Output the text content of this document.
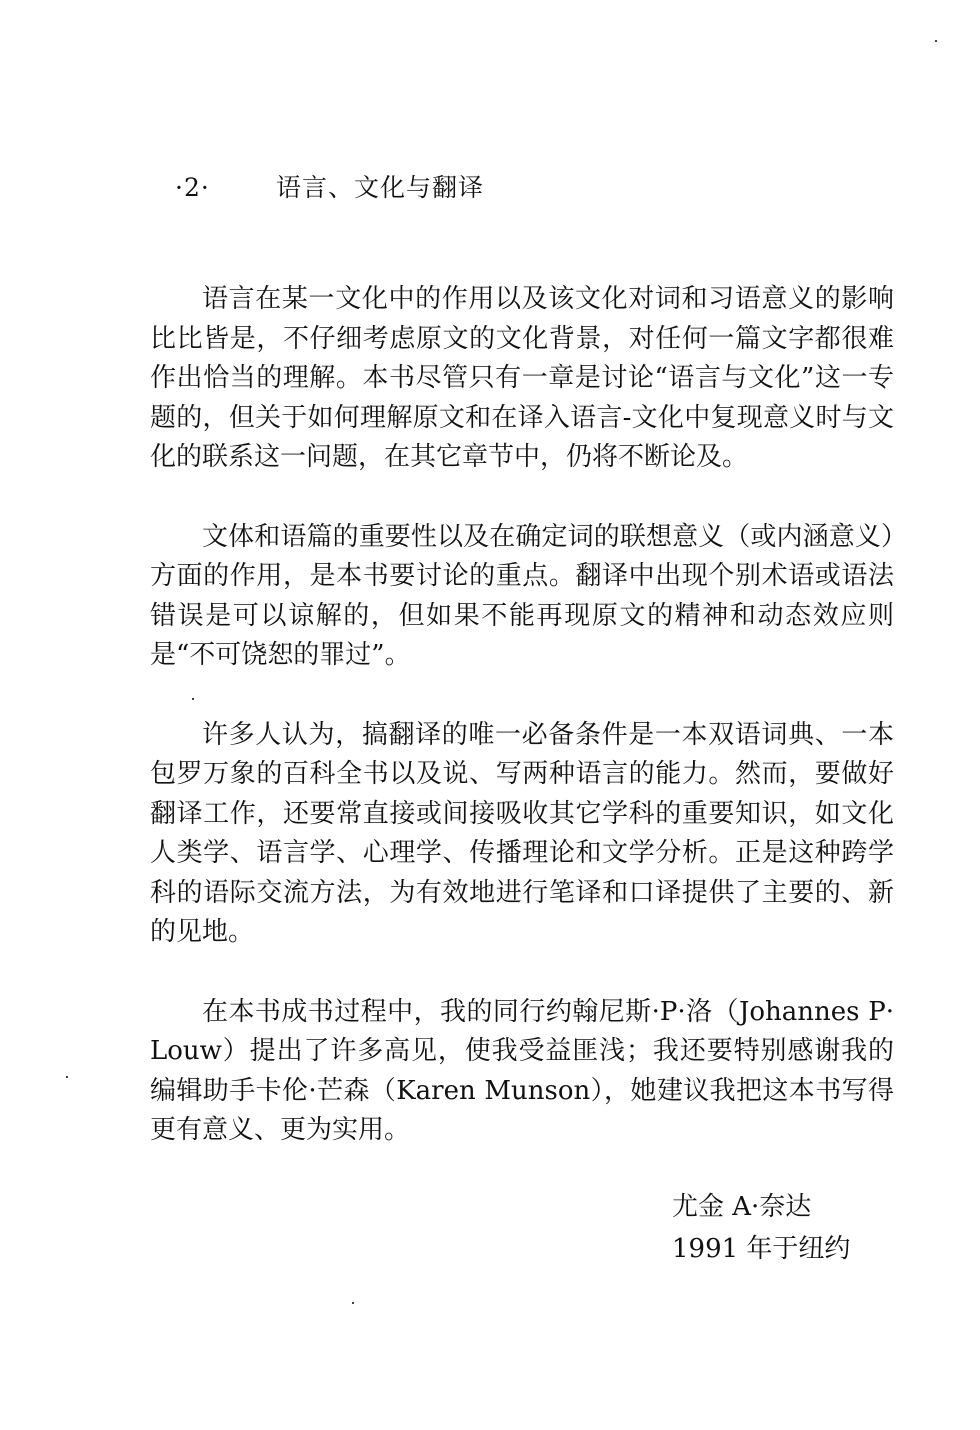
·2·	语言、文化与翻译

语言在某一文化中的作用以及该文化对词和习语意义的影响比比皆是，不仔细考虑原文的文化背景，对任何一篇文字都很难作出恰当的理解。本书尽管只有一章是讨论“语言与文化”这一专题的，但关于如何理解原文和在译入语言-文化中复现意义时与文化的联系这一问题，在其它章节中，仍将不断论及。

文体和语篇的重要性以及在确定词的联想意义（或内涵意义）方面的作用，是本书要讨论的重点。翻译中出现个别术语或语法错误是可以谅解的，但如果不能再现原文的精神和动态效应则是“不可饶恕的罪过”。

许多人认为，搞翻译的唯一必备条件是一本双语词典、一本包罗万象的百科全书以及说、写两种语言的能力。然而，要做好翻译工作，还要常直接或间接吸收其它学科的重要知识，如文化人类学、语言学、心理学、传播理论和文学分析。正是这种跨学科的语际交流方法，为有效地进行笔译和口译提供了主要的、新的见地。

在本书成书过程中，我的同行约翰尼斯·P·洛（Johannes P·Louw）提出了许多高见，使我受益匪浅；我还要特别感谢我的编辑助手卡伦·芒森（Karen Munson），她建议我把这本书写得更有意义、更为实用。

尤金 A·奈达
1991 年于纽约
